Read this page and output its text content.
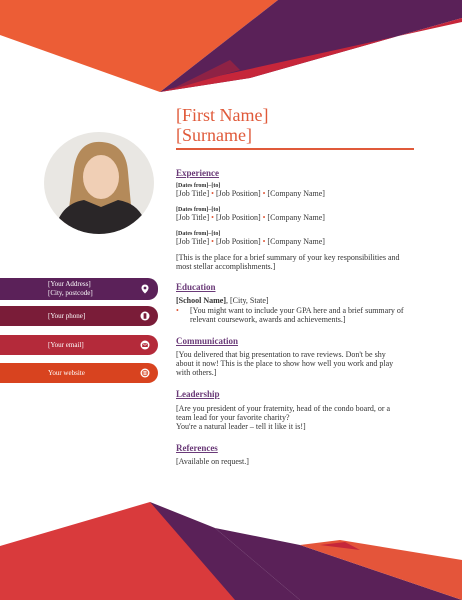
[First Name]
[Surname]
Experience
[Dates from]–[to]
[Job Title] • [Job Position] • [Company Name]
[Dates from]–[to]
[Job Title] • [Job Position] • [Company Name]
[Dates from]–[to]
[Job Title] • [Job Position] • [Company Name]
[This is the place for a brief summary of your key responsibilities and
most stellar accomplishments.]
Education
[School Name], [City, State]
• [You might want to include your GPA here and a brief summary of
relevant coursework, awards and achievements.]
Communication
[You delivered that big presentation to rave reviews. Don't be shy
about it now! This is the place to show how well you work and play
with others.]
Leadership
[Are you president of your fraternity, head of the condo board, or a
team lead for your favorite charity?
You're a natural leader – tell it like it is!]
References
[Available on request.]
[Your Address]
[City, postcode]
[Your phone]
[Your email]
Your website
